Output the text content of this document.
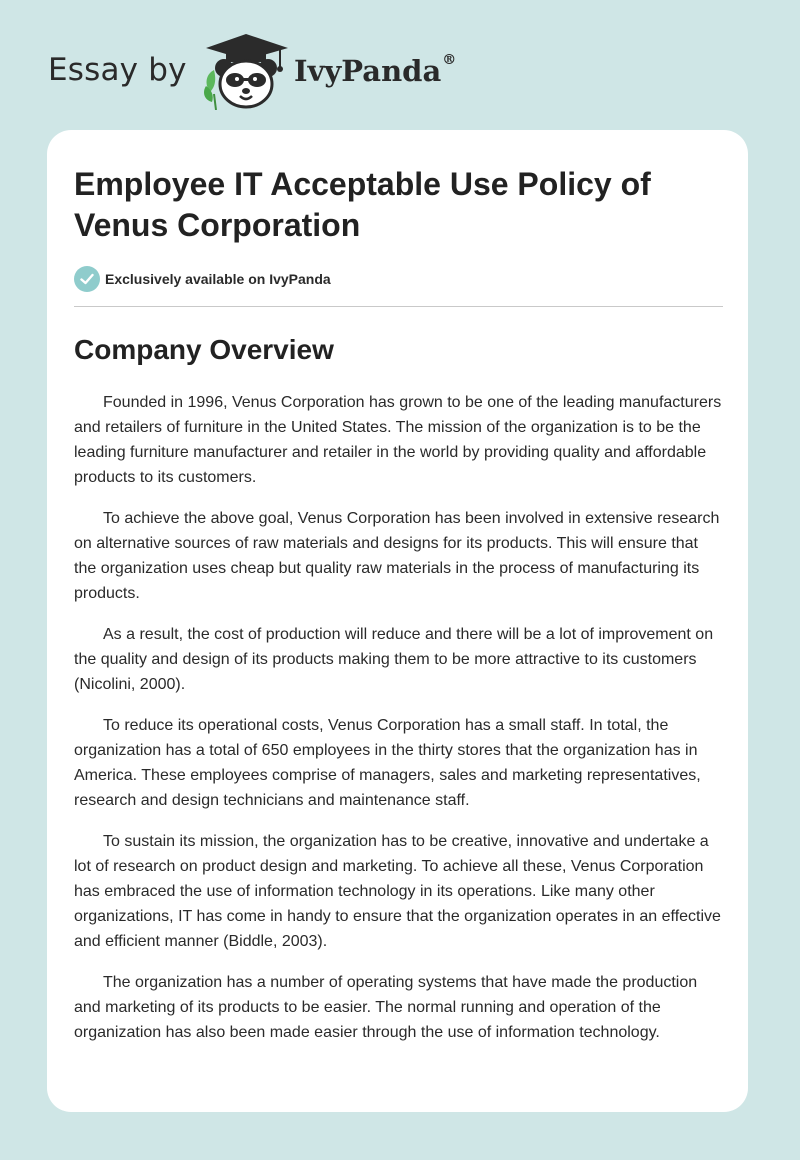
Essay by	IvyPanda®
Employee IT Acceptable Use Policy of Venus Corporation
Exclusively available on IvyPanda
Company Overview

Founded in 1996, Venus Corporation has grown to be one of the leading manufacturers and retailers of furniture in the United States. The mission of the organization is to be the leading furniture manufacturer and retailer in the world by providing quality and affordable products to its customers.

To achieve the above goal, Venus Corporation has been involved in extensive research on alternative sources of raw materials and designs for its products. This will ensure that the organization uses cheap but quality raw materials in the process of manufacturing its products.

As a result, the cost of production will reduce and there will be a lot of improvement on the quality and design of its products making them to be more attractive to its customers (Nicolini, 2000).

To reduce its operational costs, Venus Corporation has a small staff. In total, the organization has a total of 650 employees in the thirty stores that the organization has in America. These employees comprise of managers, sales and marketing representatives, research and design technicians and maintenance staff.

To sustain its mission, the organization has to be creative, innovative and undertake a lot of research on product design and marketing. To achieve all these, Venus Corporation has embraced the use of information technology in its operations. Like many other organizations, IT has come in handy to ensure that the organization operates in an effective and efficient manner (Biddle, 2003).

The organization has a number of operating systems that have made the production and marketing of its products to be easier. The normal running and operation of the organization has also been made easier through the use of information technology.
